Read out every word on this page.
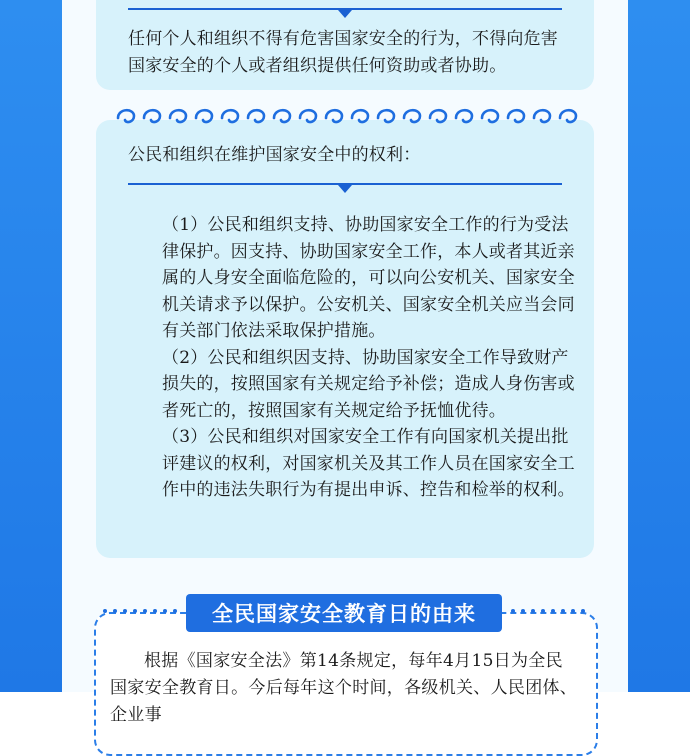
任何个人和组织不得有危害国家安全的行为，不得向危害国家安全的个人或者组织提供任何资助或者协助。
公民和组织在维护国家安全中的权利：

（1）公民和组织支持、协助国家安全工作的行为受法律保护。因支持、协助国家安全工作，本人或者其近亲属的人身安全面临危险的，可以向公安机关、国家安全机关请求予以保护。公安机关、国家安全机关应当会同有关部门依法采取保护措施。

（2）公民和组织因支持、协助国家安全工作导致财产损失的，按照国家有关规定给予补偿；造成人身伤害或者死亡的，按照国家有关规定给予抚恤优待。

（3）公民和组织对国家安全工作有向国家机关提出批评建议的权利，对国家机关及其工作人员在国家安全工作中的违法失职行为有提出申诉、控告和检举的权利。

全民国家安全教育日的由来
根据《国家安全法》第14条规定，每年4月15日为全民国家安全教育日。今后每年这个时间，各级机关、人民团体、企业事
